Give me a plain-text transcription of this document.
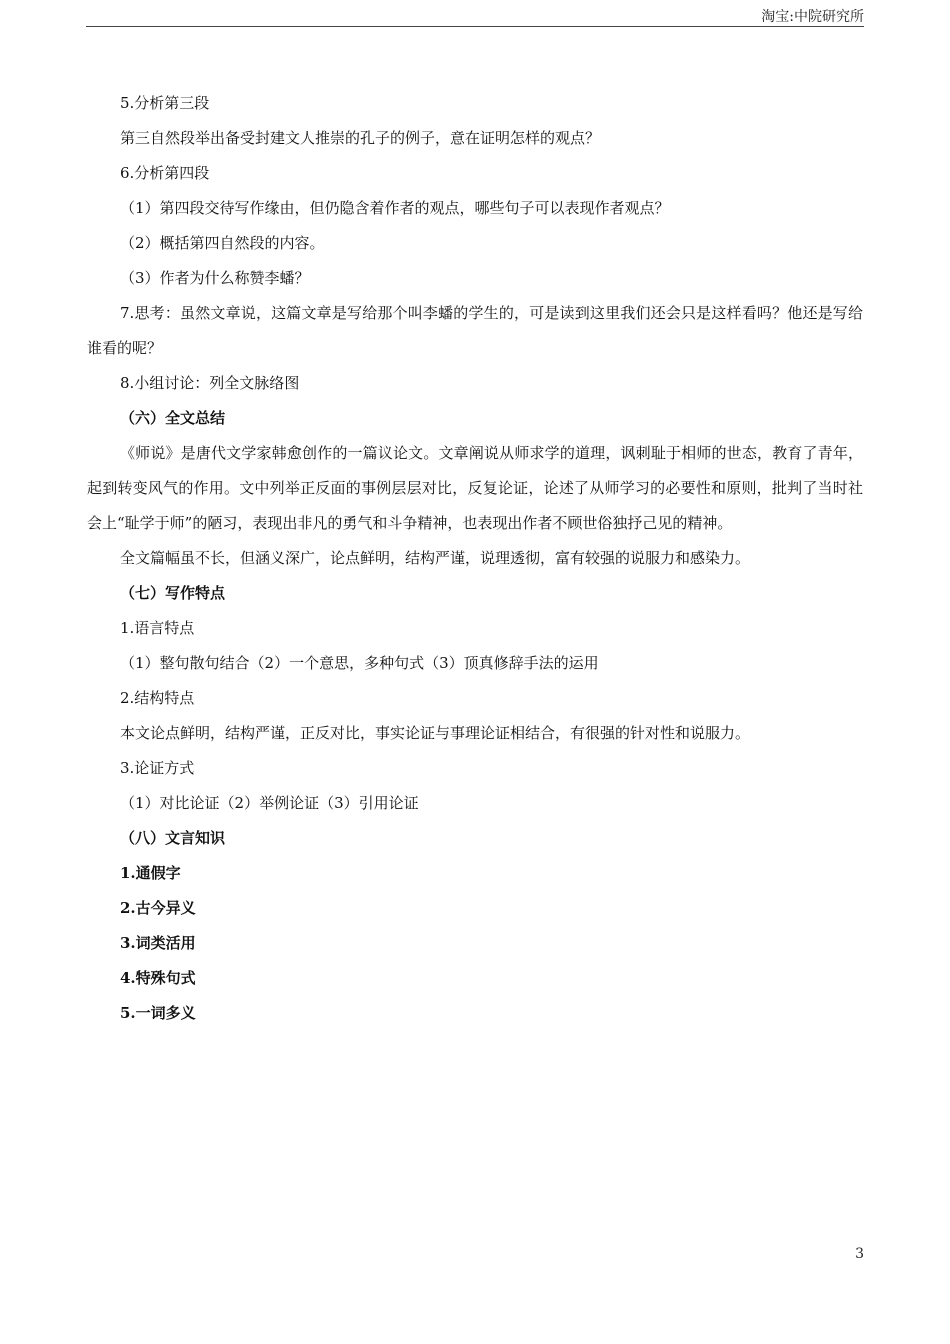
淘宝:中院研究所

5.分析第三段

第三自然段举出备受封建文人推崇的孔子的例子，意在证明怎样的观点？

6.分析第四段

（1）第四段交待写作缘由，但仍隐含着作者的观点，哪些句子可以表现作者观点？

（2）概括第四自然段的内容。

（3）作者为什么称赞李蟠？

7.思考：虽然文章说，这篇文章是写给那个叫李蟠的学生的，可是读到这里我们还会只是这样看吗？他还是写给谁看的呢？

8.小组讨论：列全文脉络图

（六）全文总结

《师说》是唐代文学家韩愈创作的一篇议论文。文章阐说从师求学的道理，讽刺耻于相师的世态，教育了青年，起到转变风气的作用。文中列举正反面的事例层层对比，反复论证，论述了从师学习的必要性和原则，批判了当时社会上“耻学于师”的陋习，表现出非凡的勇气和斗争精神，也表现出作者不顾世俗独抒己见的精神。

全文篇幅虽不长，但涵义深广，论点鲜明，结构严谨，说理透彻，富有较强的说服力和感染力。

（七）写作特点

1.语言特点

（1）整句散句结合（2）一个意思，多种句式（3）顶真修辞手法的运用

2.结构特点

本文论点鲜明，结构严谨，正反对比，事实论证与事理论证相结合，有很强的针对性和说服力。

3.论证方式

（1）对比论证（2）举例论证（3）引用论证

（八）文言知识

1.通假字

2.古今异义

3.词类活用

4.特殊句式

5.一词多义

3
